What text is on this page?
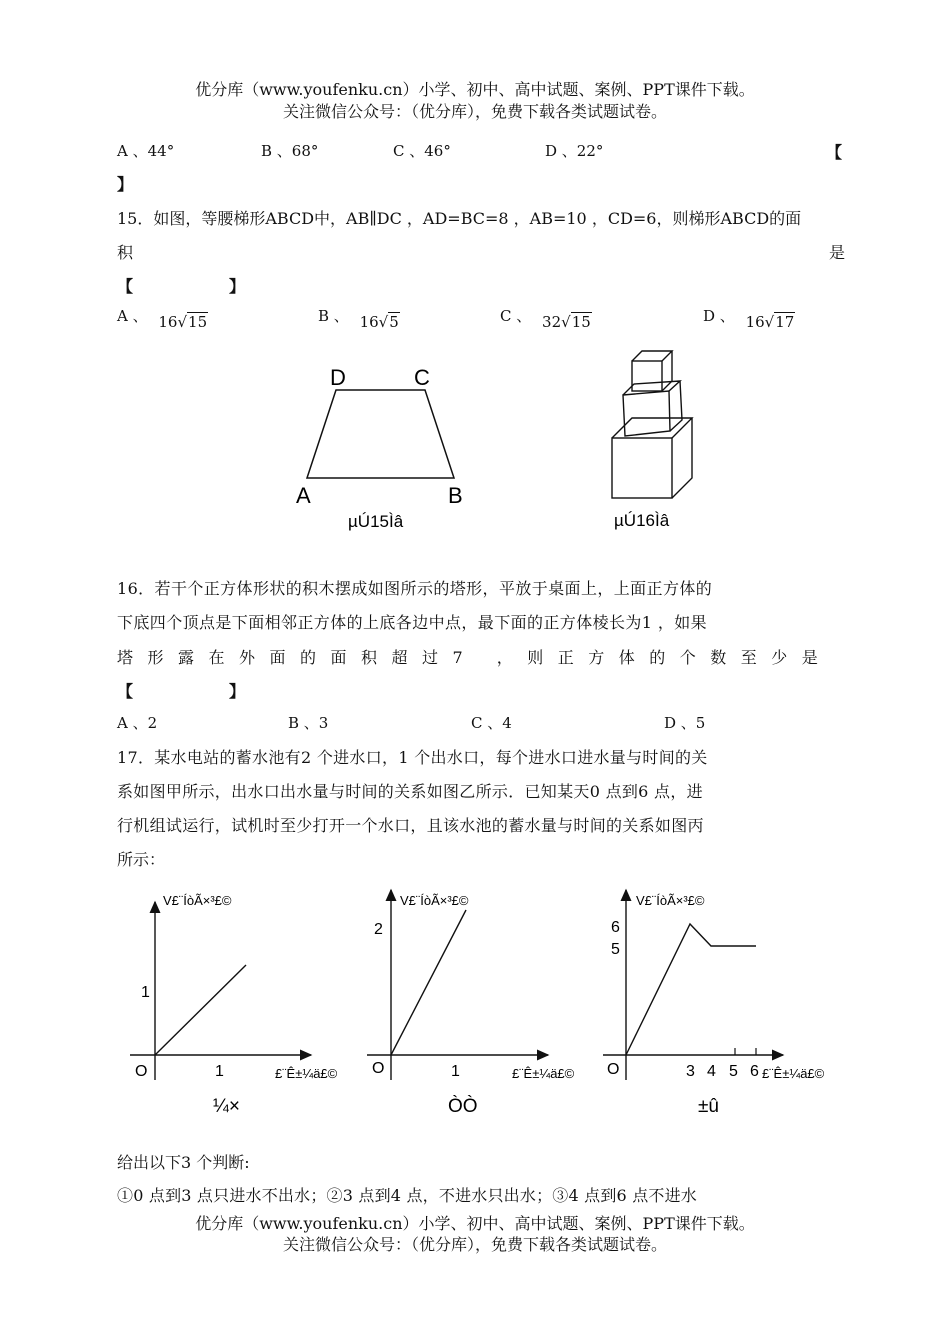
优分库（www.youfenku.cn）小学、初中、高中试题、案例、PPT课件下载。
关注微信公众号：（优分库），免费下载各类试题试卷。
A 、44°	B 、68°	C 、46°	D 、22°	【
】
15．如图，等腰梯形ABCD中，AB∥DC ，AD=BC=8 ，AB=10 ，CD=6，则梯形ABCD的面
积	是
【　　　　　　】
A 、 16√15	B 、 16√5	C 、 32√15	D 、 16√17
D	C
A	B
µÚ15Ìâ	µÚ16Ìâ
16．若干个正方体形状的积木摆成如图所示的塔形，平放于桌面上，上面正方体的
下底四个顶点是下面相邻正方体的上底各边中点，最下面的正方体棱长为1 ，如果
塔形露在外面的面积超过7 ，则正方体的个数至少是
【　　　　　　】
A 、2	B 、3	C 、4	D 、5
17．某水电站的蓄水池有2 个进水口，1 个出水口，每个进水口进水量与时间的关
系如图甲所示，出水口出水量与时间的关系如图乙所示．已知某天0 点到6 点，进
行机组试运行，试机时至少打开一个水口，且该水池的蓄水量与时间的关系如图丙
所示：
V£¨ÍòÃ×³£©
O
1
1	£¨Ê±¼ä£©
¼×
V£¨ÍòÃ×³£©
O
2
1	£¨Ê±¼ä£©
ÒÒ
V£¨ÍòÃ×³£©
O
6
5
3 4 5 6 £¨Ê±¼ä£©
±û
给出以下3 个判断:
①0 点到3 点只进水不出水；②3 点到4 点，不进水只出水；③4 点到6 点不进水
优分库（www.youfenku.cn）小学、初中、高中试题、案例、PPT课件下载。
关注微信公众号：（优分库），免费下载各类试题试卷。
